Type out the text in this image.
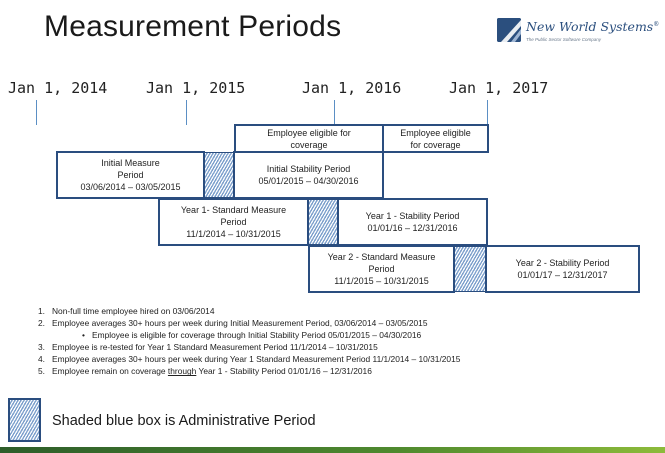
Measurement Periods	New World Systems®
The Public Sector Software Company
Jan 1, 2014	Jan 1, 2015	Jan 1, 2016	Jan 1, 2017
Employee eligible for
coverage
Employee eligible
for coverage
Initial Measure
Period
03/06/2014 – 03/05/2015
Initial Stability Period
05/01/2015 – 04/30/2016
Year 1- Standard Measure
Period
11/1/2014 – 10/31/2015
Year 1 - Stability Period
01/01/16 – 12/31/2016
Year 2 - Standard Measure
Period
11/1/2015 – 10/31/2015
Year 2 - Stability Period
01/01/17 – 12/31/2017
1. Non-full time employee hired on 03/06/2014
2. Employee averages 30+ hours per week during Initial Measurement Period, 03/06/2014 – 03/05/2015
• Employee is eligible for coverage through Initial Stability Period 05/01/2015 – 04/30/2016
3. Employee is re-tested for Year 1 Standard Measurement Period 11/1/2014 – 10/31/2015
4. Employee averages 30+ hours per week during Year 1 Standard Measurement Period 11/1/2014 – 10/31/2015
5. Employee remain on coverage through Year 1 - Stability Period 01/01/16 – 12/31/2016
Shaded blue box is Administrative Period
